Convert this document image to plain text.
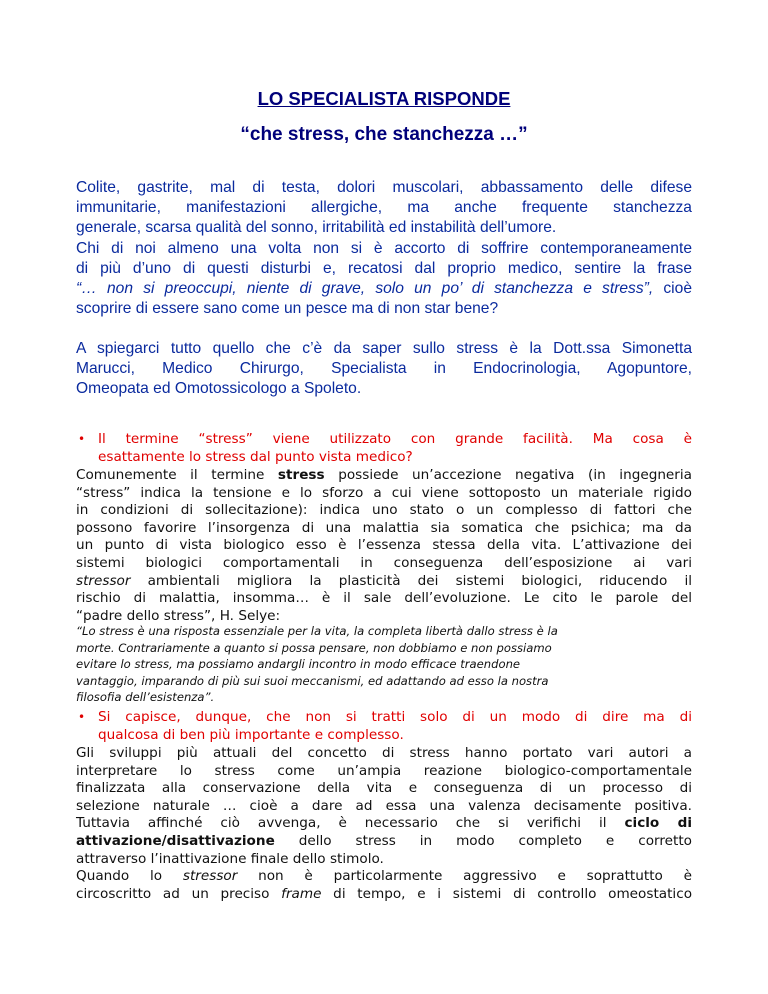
LO SPECIALISTA RISPONDE
“che stress, che stanchezza …”
Colite, gastrite, mal di testa, dolori muscolari, abbassamento delle difese
immunitarie, manifestazioni allergiche, ma anche frequente stanchezza
generale, scarsa qualità del sonno, irritabilità ed instabilità dell’umore.
Chi di noi almeno una volta non si è accorto di soffrire contemporaneamente
di più d’uno di questi disturbi e, recatosi dal proprio medico, sentire la frase
“… non si preoccupi, niente di grave, solo un po’ di stanchezza e stress”, cioè
scoprire di essere sano come un pesce ma di non star bene?
A spiegarci tutto quello che c’è da saper sullo stress è la Dott.ssa Simonetta
Marucci, Medico Chirurgo, Specialista in Endocrinologia, Agopuntore,
Omeopata ed Omotossicologo a Spoleto.
• Il termine “stress” viene utilizzato con grande facilità. Ma cosa è
esattamente lo stress dal punto vista medico?
Comunemente il termine stress possiede un’accezione negativa (in ingegneria
“stress” indica la tensione e lo sforzo a cui viene sottoposto un materiale rigido
in condizioni di sollecitazione): indica uno stato o un complesso di fattori che
possono favorire l’insorgenza di una malattia sia somatica che psichica; ma da
un punto di vista biologico esso è l’essenza stessa della vita. L’attivazione dei
sistemi biologici comportamentali in conseguenza dell’esposizione ai vari
stressor ambientali migliora la plasticità dei sistemi biologici, riducendo il
rischio di malattia, insomma… è il sale dell’evoluzione. Le cito le parole del
“padre dello stress”, H. Selye:
“Lo stress è una risposta essenziale per la vita, la completa libertà dallo stress è la
morte. Contrariamente a quanto si possa pensare, non dobbiamo e non possiamo
evitare lo stress, ma possiamo andargli incontro in modo efficace traendone
vantaggio, imparando di più sui suoi meccanismi, ed adattando ad esso la nostra
filosofia dell’esistenza”.
• Si capisce, dunque, che non si tratti solo di un modo di dire ma di
qualcosa di ben più importante e complesso.
Gli sviluppi più attuali del concetto di stress hanno portato vari autori a
interpretare lo stress come un’ampia reazione biologico-comportamentale
finalizzata alla conservazione della vita e conseguenza di un processo di
selezione naturale … cioè a dare ad essa una valenza decisamente positiva.
Tuttavia affinché ciò avvenga, è necessario che si verifichi il ciclo di
attivazione/disattivazione dello stress in modo completo e corretto
attraverso l’inattivazione finale dello stimolo.
Quando lo stressor non è particolarmente aggressivo e soprattutto è
circoscritto ad un preciso frame di tempo, e i sistemi di controllo omeostatico
